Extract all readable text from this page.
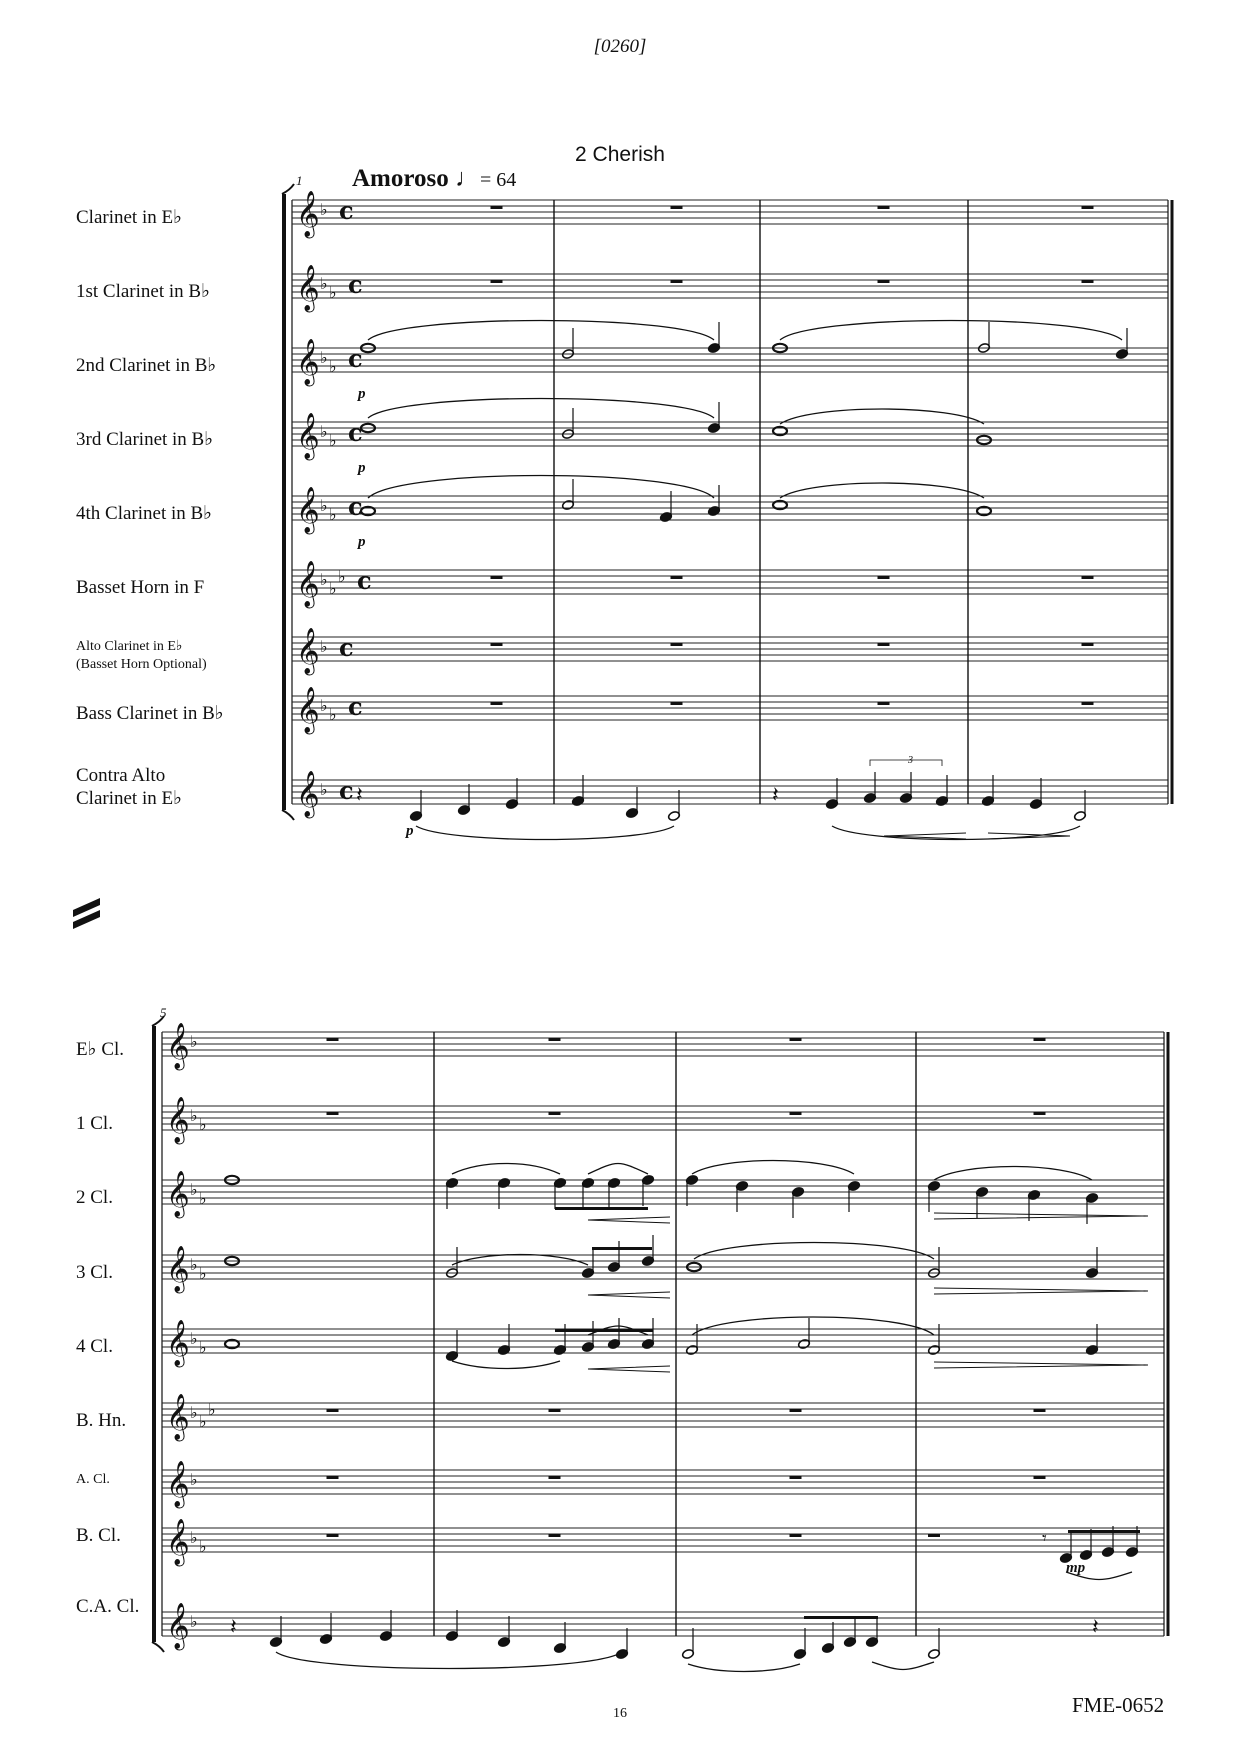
[0260]
2 Cherish
Amoroso ♩= 64
1
5
Clarinet in E♭
1st Clarinet in B♭
2nd Clarinet in B♭
3rd Clarinet in B♭
4th Clarinet in B♭
Basset Horn in F
Alto Clarinet in E♭
(Basset Horn Optional)
Bass Clarinet in B♭
Contra Alto
Clarinet in E♭
E♭ Cl.
1 Cl.
2 Cl.
3 Cl.
4 Cl.
B. Hn.
A. Cl.
B. Cl.
C.A. Cl.
p
p
p
p
mp
3
16	FME-0652
𝄞 ♭ c
𝄞 ♭ ♭ c
𝄞 ♭ ♭ c
𝄞 ♭ ♭ c
𝄞 ♭ ♭ c
𝄞 ♭ ♭
♭ c
𝄞 ♭ c
𝄞 ♭ ♭ c
𝄞 ♭ c 𝄽	𝄽
𝄞 ♭
𝄞 ♭ ♭
𝄞 ♭ ♭
𝄞 ♭ ♭
𝄞 ♭ ♭
𝄞 ♭ ♭
♭
𝄞 ♭
𝄞 ♭ ♭
𝄞 ♭
𝄾
𝄽	𝄽
